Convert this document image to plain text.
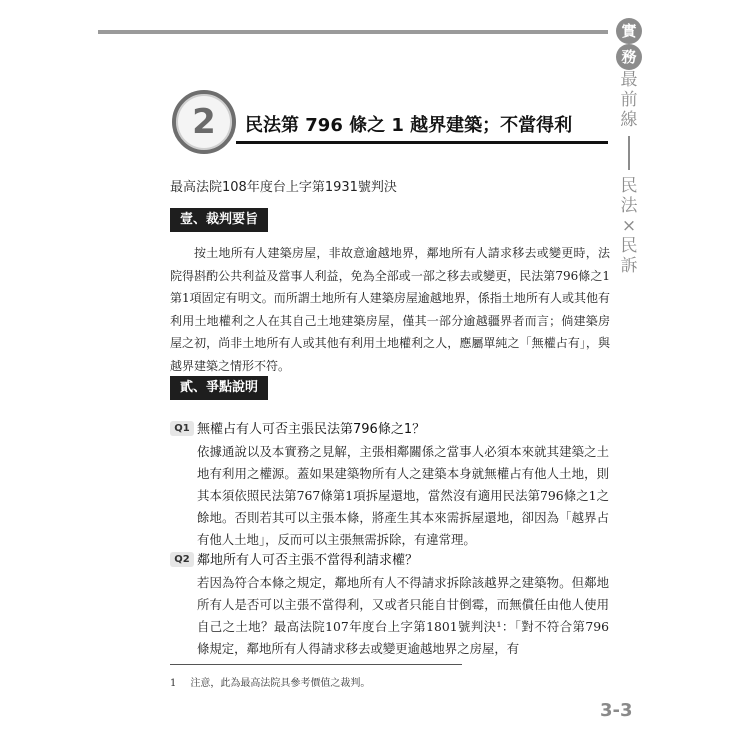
實
務
最
前
線
民
法
×
民
訴
2	民法第 796 條之 1 越界建築；不當得利
最高法院108年度台上字第1931號判決
壹、裁判要旨

按土地所有人建築房屋，非故意逾越地界，鄰地所有人請求移去或變更時，法院得斟酌公共利益及當事人利益，免為全部或一部之移去或變更，民法第796條之1第1項固定有明文。而所謂土地所有人建築房屋逾越地界，係指土地所有人或其他有利用土地權利之人在其自己土地建築房屋，僅其一部分逾越疆界者而言；倘建築房屋之初，尚非土地所有人或其他有利用土地權利之人，應屬單純之「無權占有」，與越界建築之情形不符。

貳、爭點說明
Q1 無權占有人可否主張民法第796條之1？

依據通說以及本實務之見解，主張相鄰關係之當事人必須本來就其建築之土地有利用之權源。蓋如果建築物所有人之建築本身就無權占有他人土地，則其本須依照民法第767條第1項拆屋還地，當然沒有適用民法第796條之1之餘地。否則若其可以主張本條，將產生其本來需拆屋還地，卻因為「越界占有他人土地」，反而可以主張無需拆除，有違常理。

Q2 鄰地所有人可否主張不當得利請求權？

若因為符合本條之規定，鄰地所有人不得請求拆除該越界之建築物。但鄰地所有人是否可以主張不當得利，又或者只能自甘倒霉，而無償任由他人使用自己之土地？最高法院107年度台上字第1801號判決¹：「對不符合第796條規定，鄰地所有人得請求移去或變更逾越地界之房屋，有

1 注意，此為最高法院具參考價值之裁判。
3-3
